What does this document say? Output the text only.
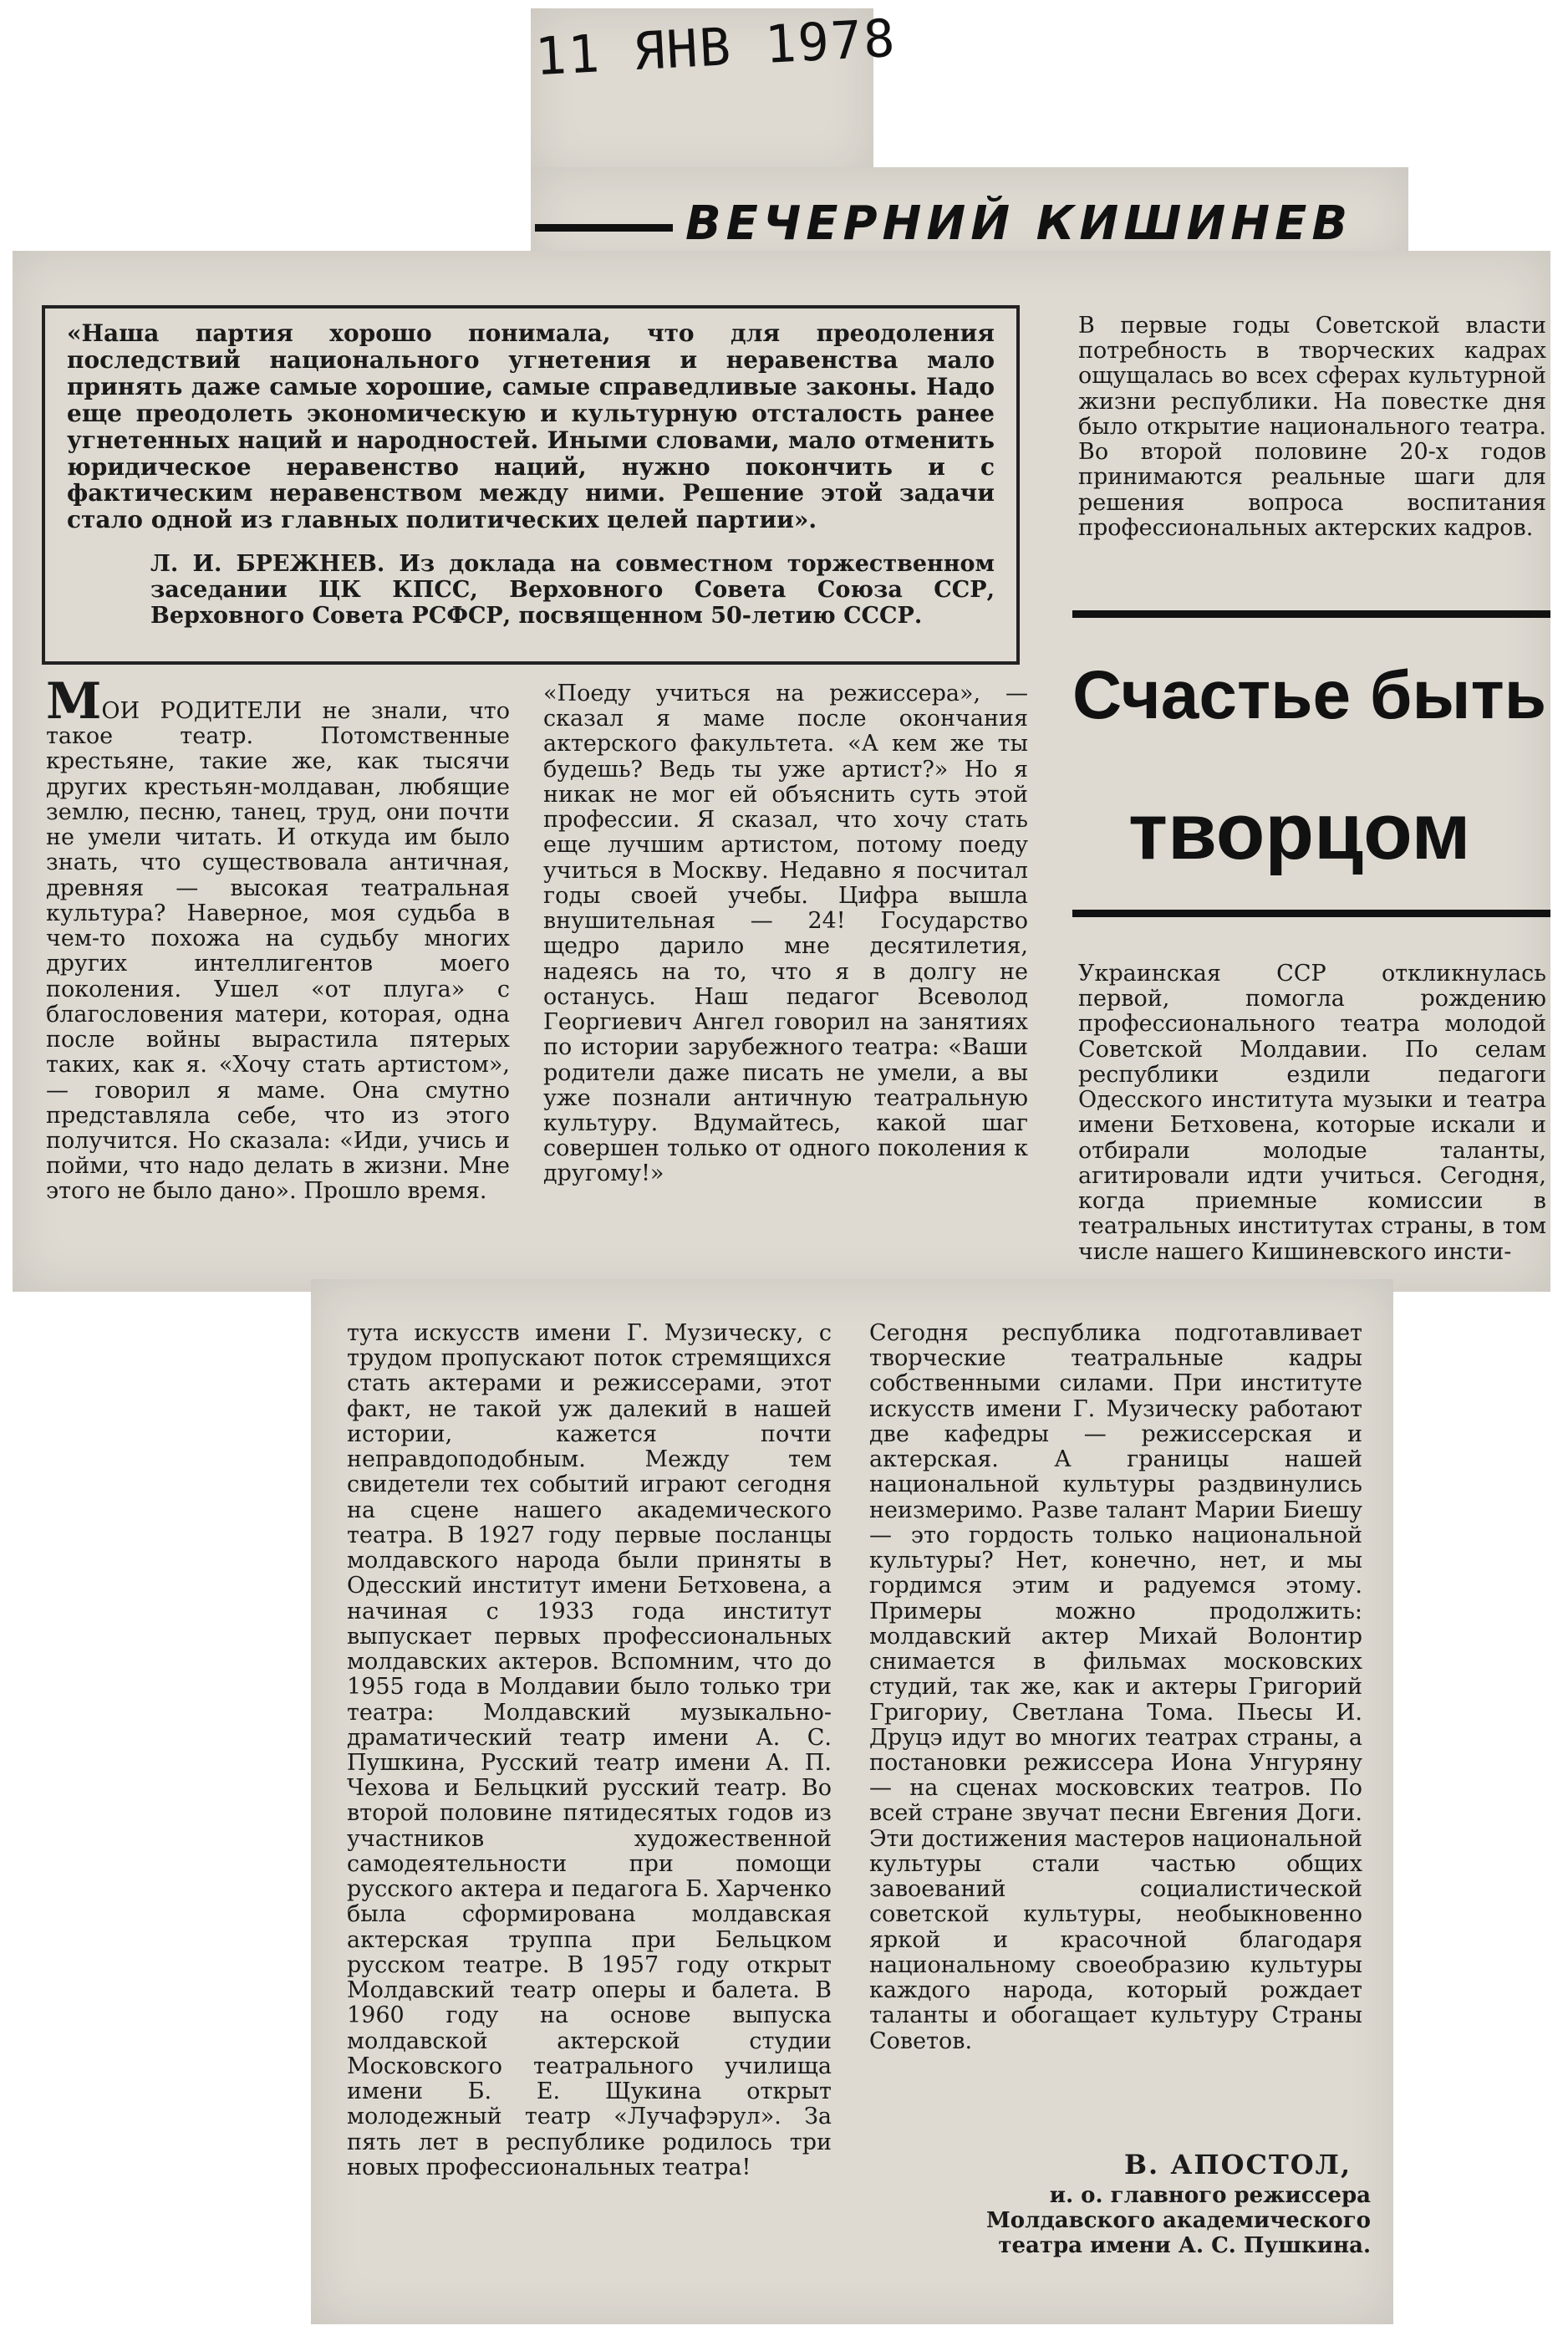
11 ЯНВ 1978
ВЕЧЕРНИЙ КИШИНЕВ
«Наша партия хорошо понимала, что для преодоления последствий национального угнетения и неравенства мало принять даже самые хорошие, самые справедливые законы. Надо еще преодолеть экономическую и культурную отсталость ранее угнетенных наций и народностей. Иными словами, мало отменить юридическое неравенство наций, нужно покончить и с фактическим неравенством между ними. Решение этой задачи стало одной из главных политических целей партии».
Л. И. БРЕЖНЕВ. Из доклада на совместном торжественном заседании ЦК КПСС, Верховного Совета Союза ССР, Верховного Совета РСФСР, посвященном 50-летию СССР.
В первые годы Советской власти потребность в творческих кадрах ощущалась во всех сферах культурной жизни республики. На повестке дня было открытие национального театра. Во второй половине 20-х годов принимаются реальные шаги для решения вопроса воспитания профессиональных актерских кадров.
Счастье быть
творцом
МОИ РОДИТЕЛИ не знали, что такое театр. Потомственные крестьяне, такие же, как тысячи других крестьян-молдаван, любящие землю, песню, танец, труд, они почти не умели читать. И откуда им было знать, что существовала античная, древняя — высокая театральная культура? Наверное, моя судьба в чем-то похожа на судьбу многих других интеллигентов моего поколения. Ушел «от плуга» с благословения матери, которая, одна после войны вырастила пятерых таких, как я. «Хочу стать артистом», — говорил я маме. Она смутно представляла себе, что из этого получится. Но сказала: «Иди, учись и пойми, что надо делать в жизни. Мне этого не было дано». Прошло время.
«Поеду учиться на режиссера», — сказал я маме после окончания актерского факультета. «А кем же ты будешь? Ведь ты уже артист?» Но я никак не мог ей объяснить суть этой профессии. Я сказал, что хочу стать еще лучшим артистом, потому поеду учиться в Москву. Недавно я посчитал годы своей учебы. Цифра вышла внушительная — 24! Государство щедро дарило мне десятилетия, надеясь на то, что я в долгу не останусь. Наш педагог Всеволод Георгиевич Ангел говорил на занятиях по истории зарубежного театра: «Ваши родители даже писать не умели, а вы уже познали античную театральную культуру. Вдумайтесь, какой шаг совершен только от одного поколения к другому!»
Украинская ССР откликнулась первой, помогла рождению профессионального театра молодой Советской Молдавии. По селам республики ездили педагоги Одесского института музыки и театра имени Бетховена, которые искали и отбирали молодые таланты, агитировали идти учиться. Сегодня, когда приемные комиссии в театральных институтах страны, в том числе нашего Кишиневского инсти-
тута искусств имени Г. Музическу, с трудом пропускают поток стремящихся стать актерами и режиссерами, этот факт, не такой уж далекий в нашей истории, кажется почти неправдоподобным. Между тем свидетели тех событий играют сегодня на сцене нашего академического театра. В 1927 году первые посланцы молдавского народа были приняты в Одесский институт имени Бетховена, а начиная с 1933 года институт выпускает первых профессиональных молдавских актеров. Вспомним, что до 1955 года в Молдавии было только три театра: Молдавский музыкально-драматический театр имени А. С. Пушкина, Русский театр имени А. П. Чехова и Бельцкий русский театр. Во второй половине пятидесятых годов из участников художественной самодеятельности при помощи русского актера и педагога Б. Харченко была сформирована молдавская актерская труппа при Бельцком русском театре. В 1957 году открыт Молдавский театр оперы и балета. В 1960 году на основе выпуска молдавской актерской студии Московского театрального училища имени Б. Е. Щукина открыт молодежный театр «Лучафэрул». За пять лет в республике родилось три новых профессиональных театра!
Сегодня республика подготавливает творческие театральные кадры собственными силами. При институте искусств имени Г. Музическу работают две кафедры — режиссерская и актерская. А границы нашей национальной культуры раздвинулись неизмеримо. Разве талант Марии Биешу — это гордость только национальной культуры? Нет, конечно, нет, и мы гордимся этим и радуемся этому. Примеры можно продолжить: молдавский актер Михай Волонтир снимается в фильмах московских студий, так же, как и актеры Григорий Григориу, Светлана Тома. Пьесы И. Друцэ идут во многих театрах страны, а постановки режиссера Иона Унгуряну — на сценах московских театров. По всей стране звучат песни Евгения Доги. Эти достижения мастеров национальной культуры стали частью общих завоеваний социалистической советской культуры, необыкновенно яркой и красочной благодаря национальному своеобразию культуры каждого народа, который рождает таланты и обогащает культуру Страны Советов.
В. АПОСТОЛ,
и. о. главного режиссера Молдавского академического театра имени А. С. Пушкина.
